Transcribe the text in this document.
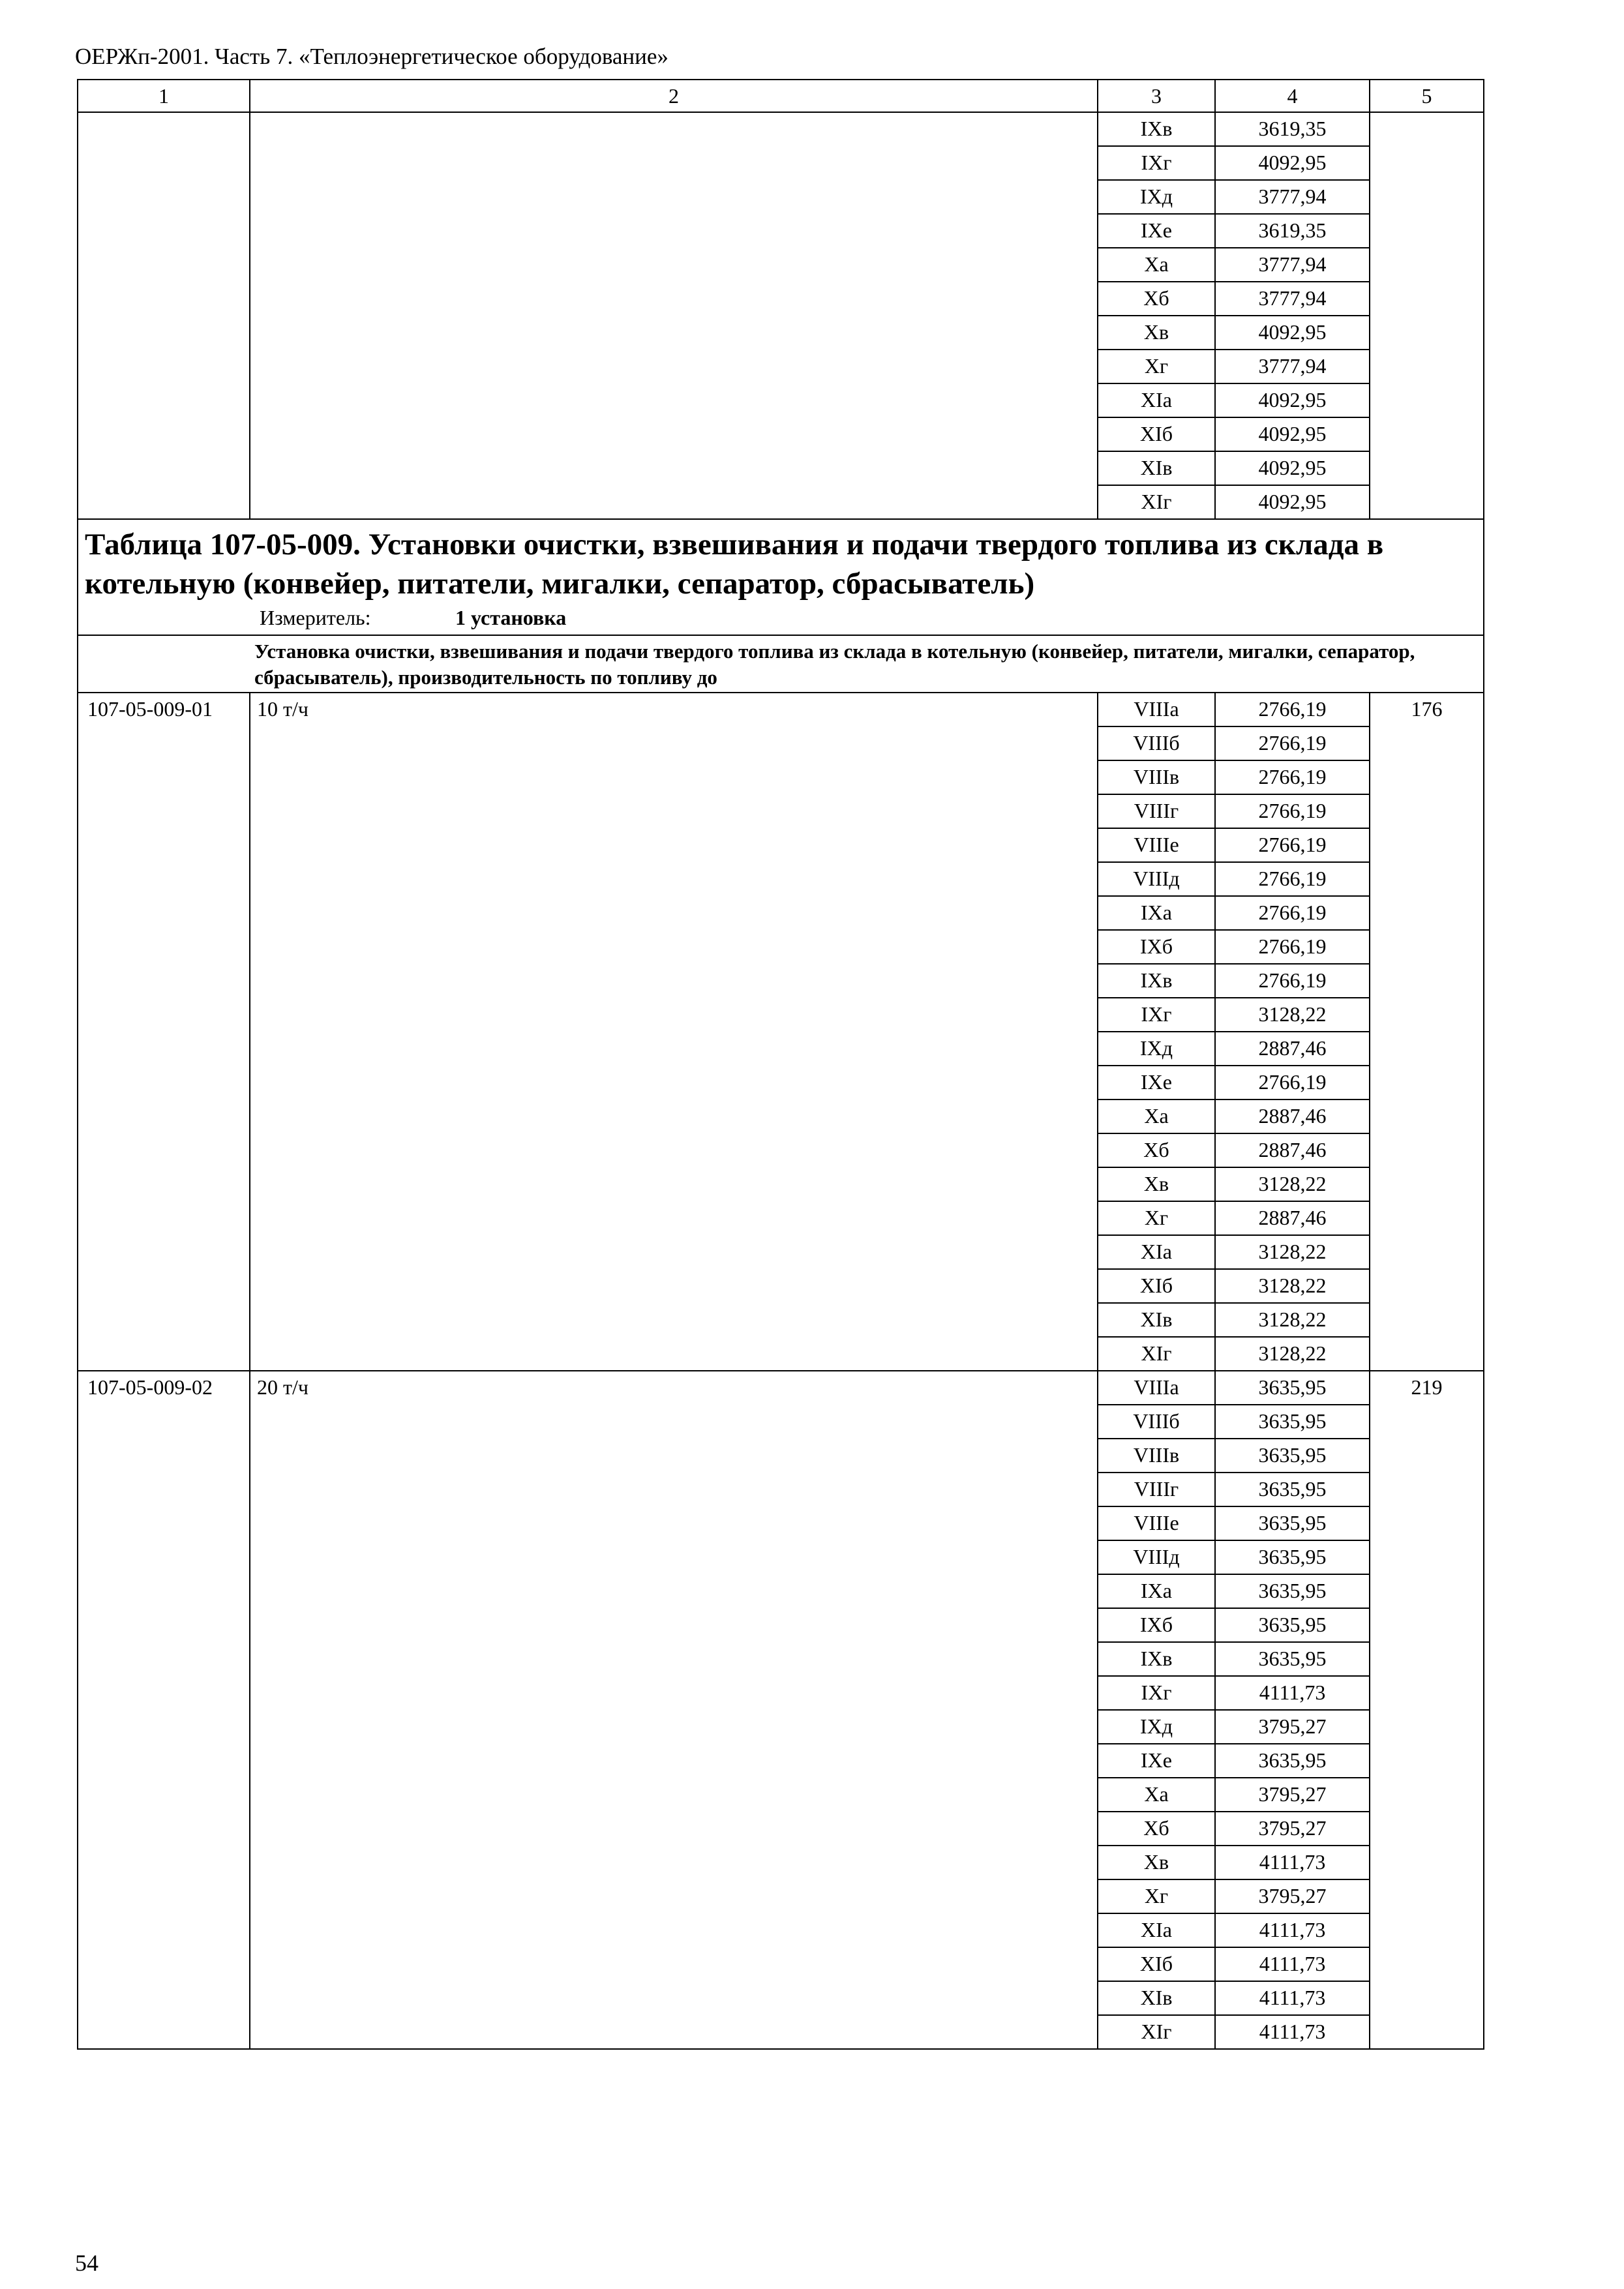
ОЕРЖп-2001. Часть 7. «Теплоэнергетическое оборудование»
1	2	3	4	5
		IXв	3619,35	
		IXг	4092,95	
		IXд	3777,94	
		IXе	3619,35	
		Xа	3777,94	
		Xб	3777,94	
		Xв	4092,95	
		Xг	3777,94	
		XIа	4092,95	
		XIб	4092,95	
		XIв	4092,95	
		XIг	4092,95	

Таблица 107-05-009. Установки очистки, взвешивания и подачи твердого топлива из склада в котельную (конвейер, питатели, мигалки, сепаратор, сбрасыватель)
Измеритель: 1 установка				

Установка очистки, взвешивания и подачи твердого топлива из склада в котельную (конвейер, питатели, мигалки, сепаратор, сбрасыватель), производительность по топливу до				

107-05-009-01	10 т/ч	VIIIа	2766,19	176
		VIIIб	2766,19	
		VIIIв	2766,19	
		VIIIг	2766,19	
		VIIIе	2766,19	
		VIIIд	2766,19	
		IXа	2766,19	
		IXб	2766,19	
		IXв	2766,19	
		IXг	3128,22	
		IXд	2887,46	
		IXе	2766,19	
		Xа	2887,46	
		Xб	2887,46	
		Xв	3128,22	
		Xг	2887,46	
		XIа	3128,22	
		XIб	3128,22	
		XIв	3128,22	
		XIг	3128,22	
107-05-009-02	20 т/ч	VIIIа	3635,95	219
		VIIIб	3635,95	
		VIIIв	3635,95	
		VIIIг	3635,95	
		VIIIе	3635,95	
		VIIIд	3635,95	
		IXа	3635,95	
		IXб	3635,95	
		IXв	3635,95	
		IXг	4111,73	
		IXд	3795,27	
		IXе	3635,95	
		Xа	3795,27	
		Xб	3795,27	
		Xв	4111,73	
		Xг	3795,27	
		XIа	4111,73	
		XIб	4111,73	
		XIв	4111,73	
		XIг	4111,73	
54
